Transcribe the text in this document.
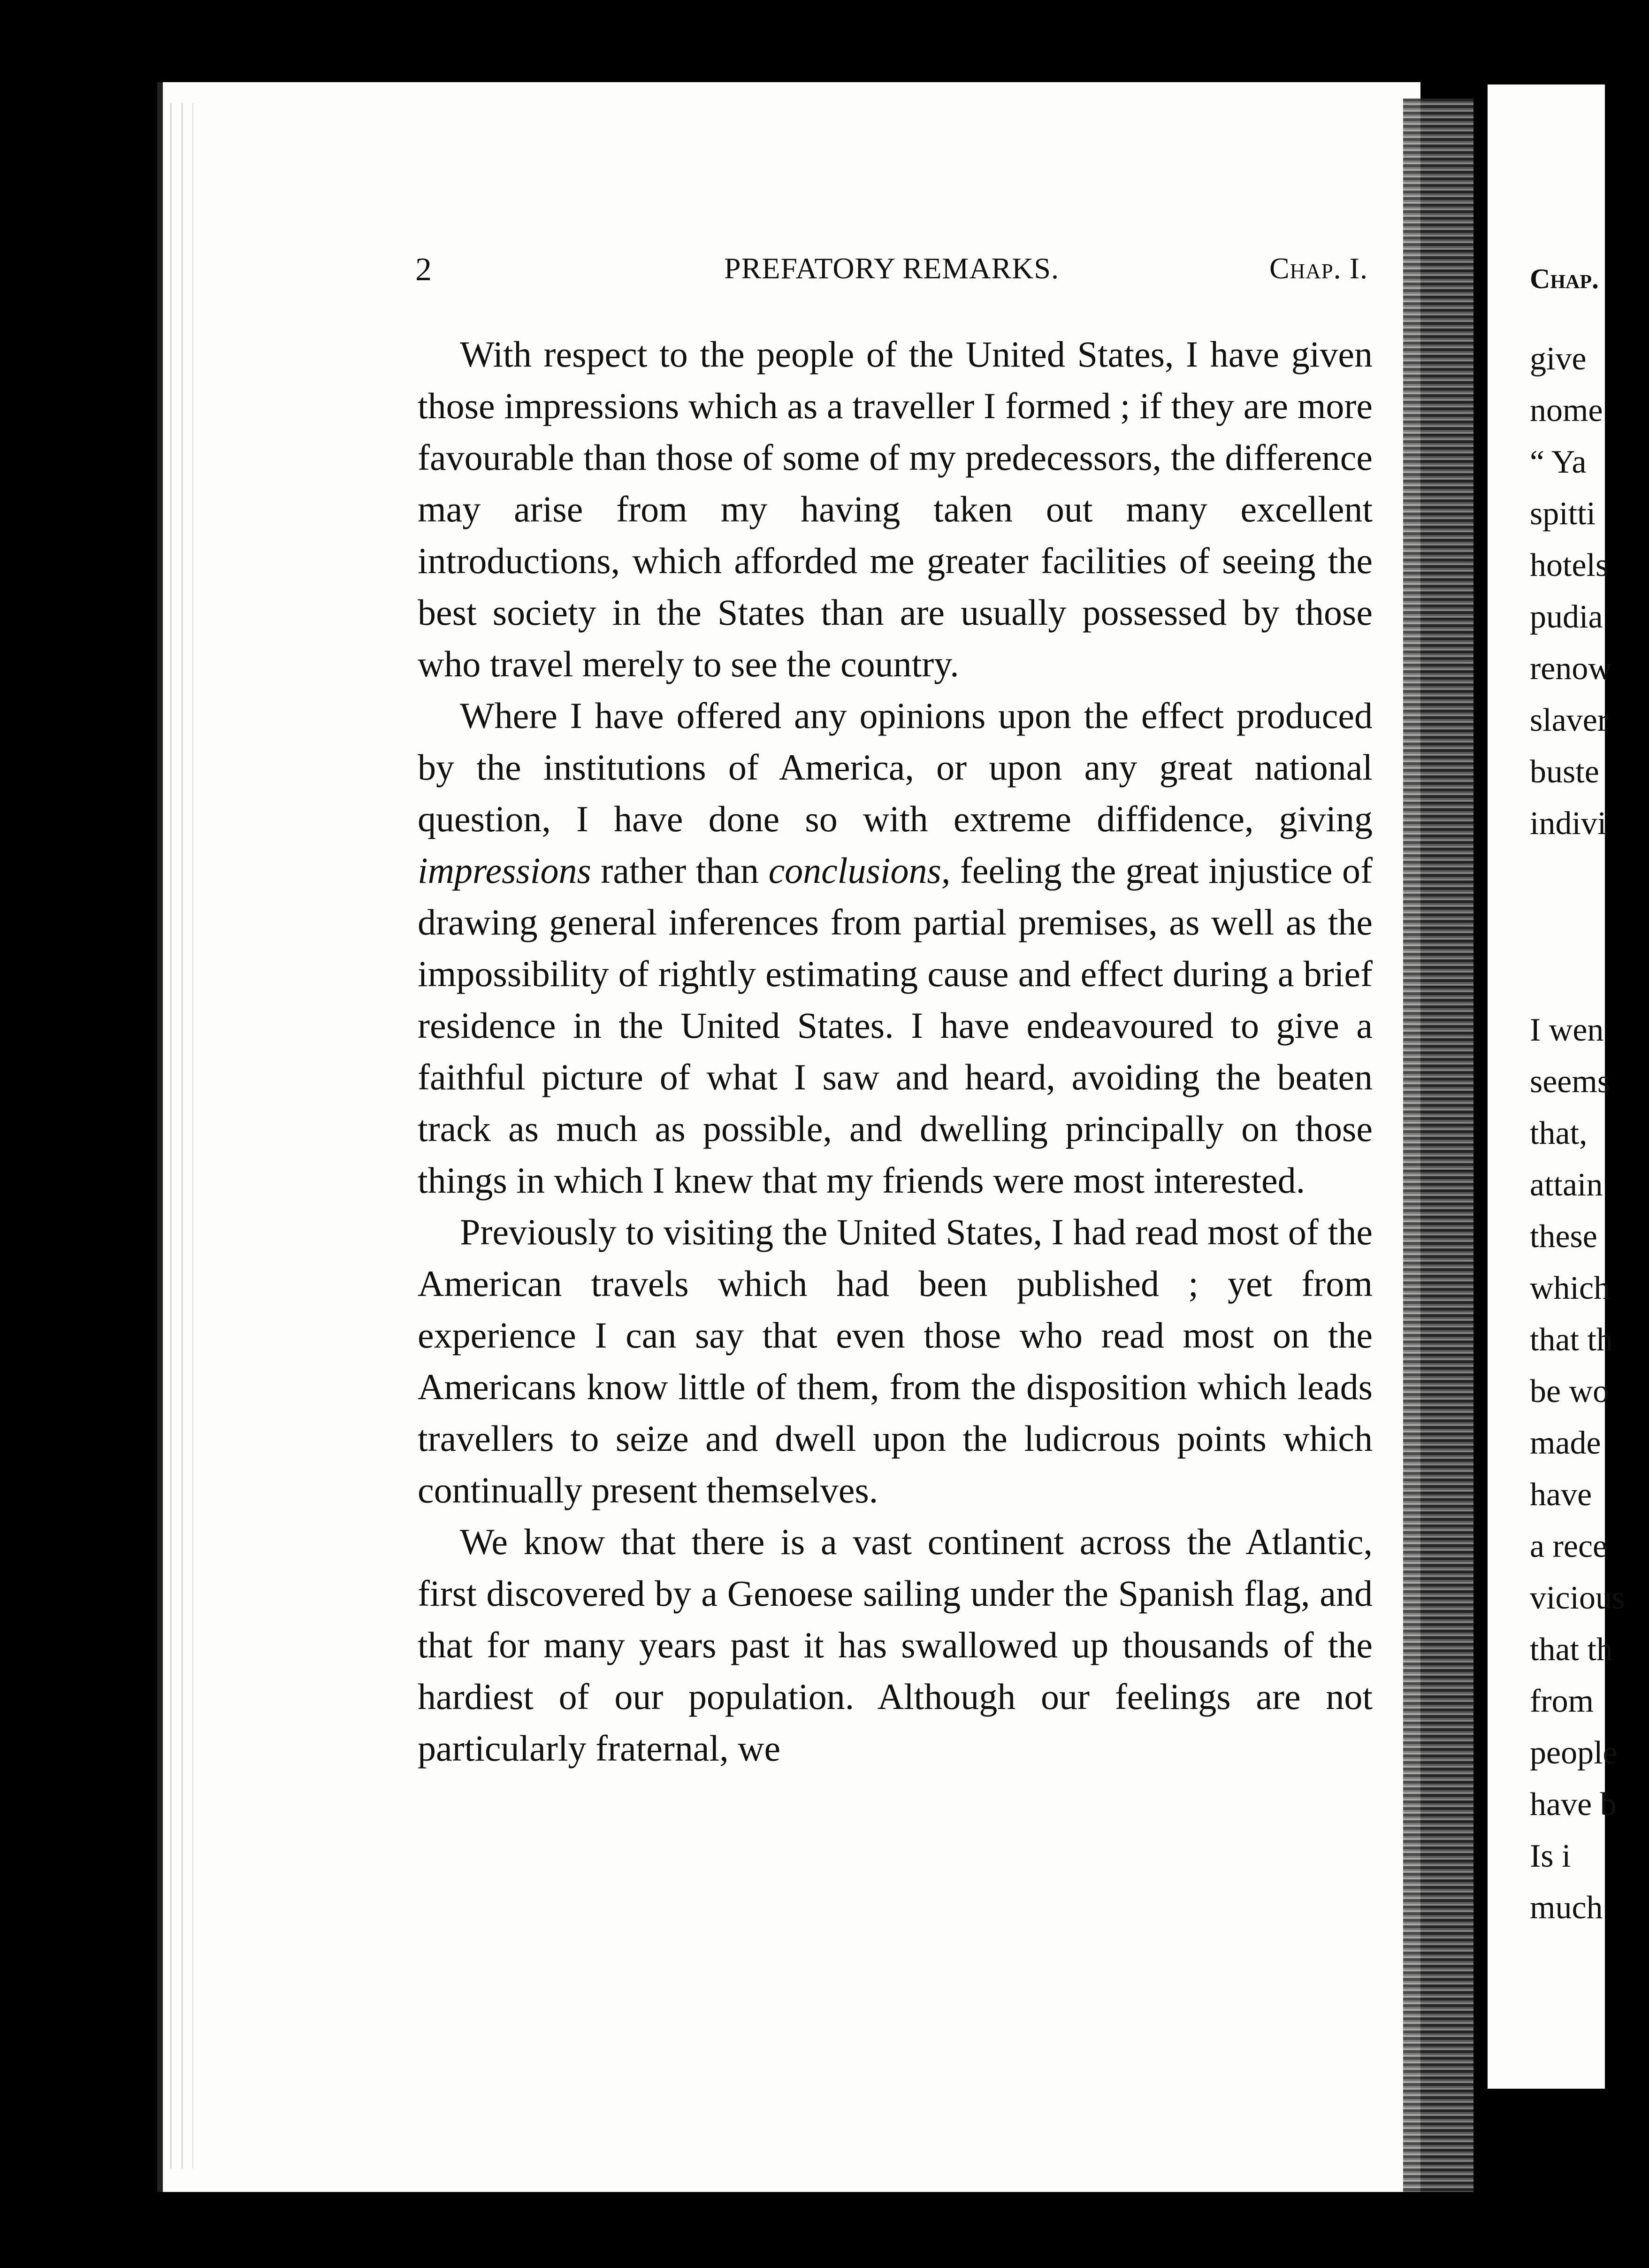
2	PREFATORY REMARKS.	Chap. I.

With respect to the people of the United States, I have given those impressions which as a traveller I formed ; if they are more favourable than those of some of my predecessors, the difference may arise from my having taken out many excellent introductions, which afforded me greater facilities of seeing the best society in the States than are usually possessed by those who travel merely to see the country.

Where I have offered any opinions upon the effect produced by the institutions of America, or upon any great national question, I have done so with extreme diffidence, giving impressions rather than conclusions, feeling the great injustice of drawing general inferences from partial premises, as well as the impossibility of rightly estimating cause and effect during a brief residence in the United States. I have endeavoured to give a faithful picture of what I saw and heard, avoiding the beaten track as much as possible, and dwelling principally on those things in which I knew that my friends were most interested.

Previously to visiting the United States, I had read most of the American travels which had been published ; yet from experience I can say that even those who read most on the Americans know little of them, from the disposition which leads travellers to seize and dwell upon the ludicrous points which continually present themselves.

We know that there is a vast continent across the Atlantic, first discovered by a Genoese sailing under the Spanish flag, and that for many years past it has swallowed up thousands of the hardiest of our population. Although our feelings are not particularly fraternal, we

Chap.
give
nome
“ Ya
spitti
hotels
pudia
renow
slaver
buste
indivi
I wen
seems
that,
attain
these
which
that th
be wo
made
have
a rece
vicious
that th
from
people
have b
Is i
much
